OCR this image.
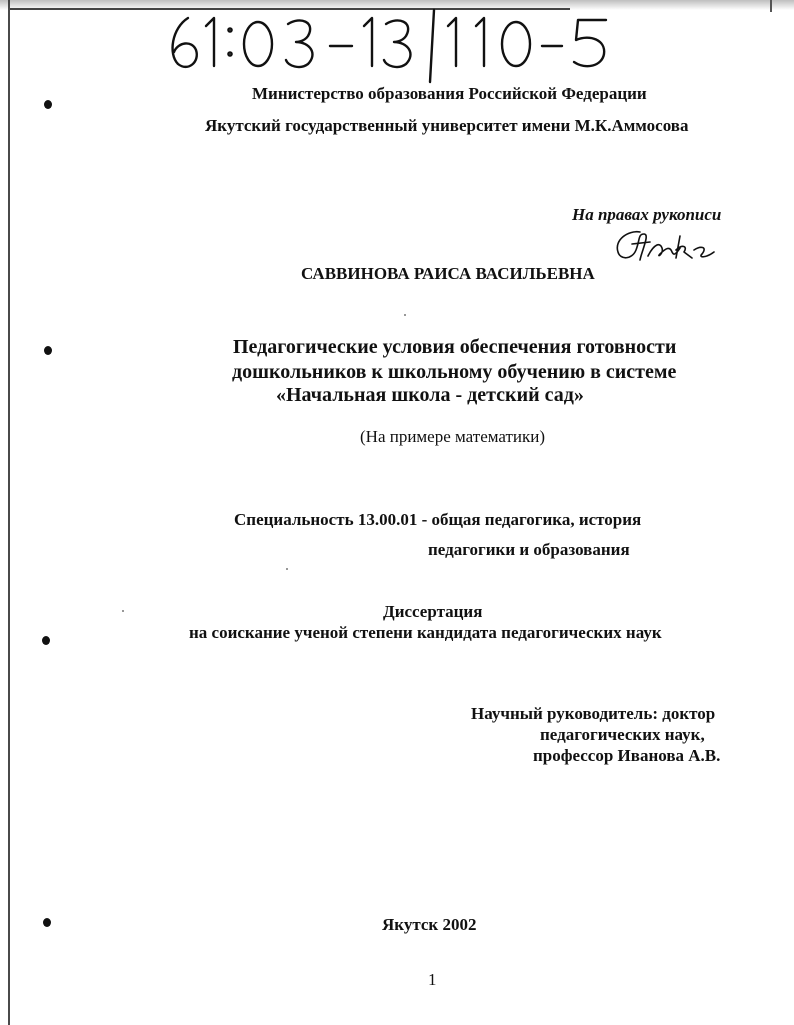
Министерство образования Российской Федерации
Якутский государственный университет имени М.К.Аммосова
На правах рукописи
САВВИНОВА РАИСА ВАСИЛЬЕВНА
Педагогические условия обеспечения готовности
дошкольников к школьному обучению в системе
«Начальная школа - детский сад»
(На примере математики)
Специальность 13.00.01 - общая педагогика, история
педагогики и образования
Диссертация
на соискание ученой степени кандидата педагогических наук
Научный руководитель: доктор
педагогических наук,
профессор Иванова А.В.
Якутск 2002
1
